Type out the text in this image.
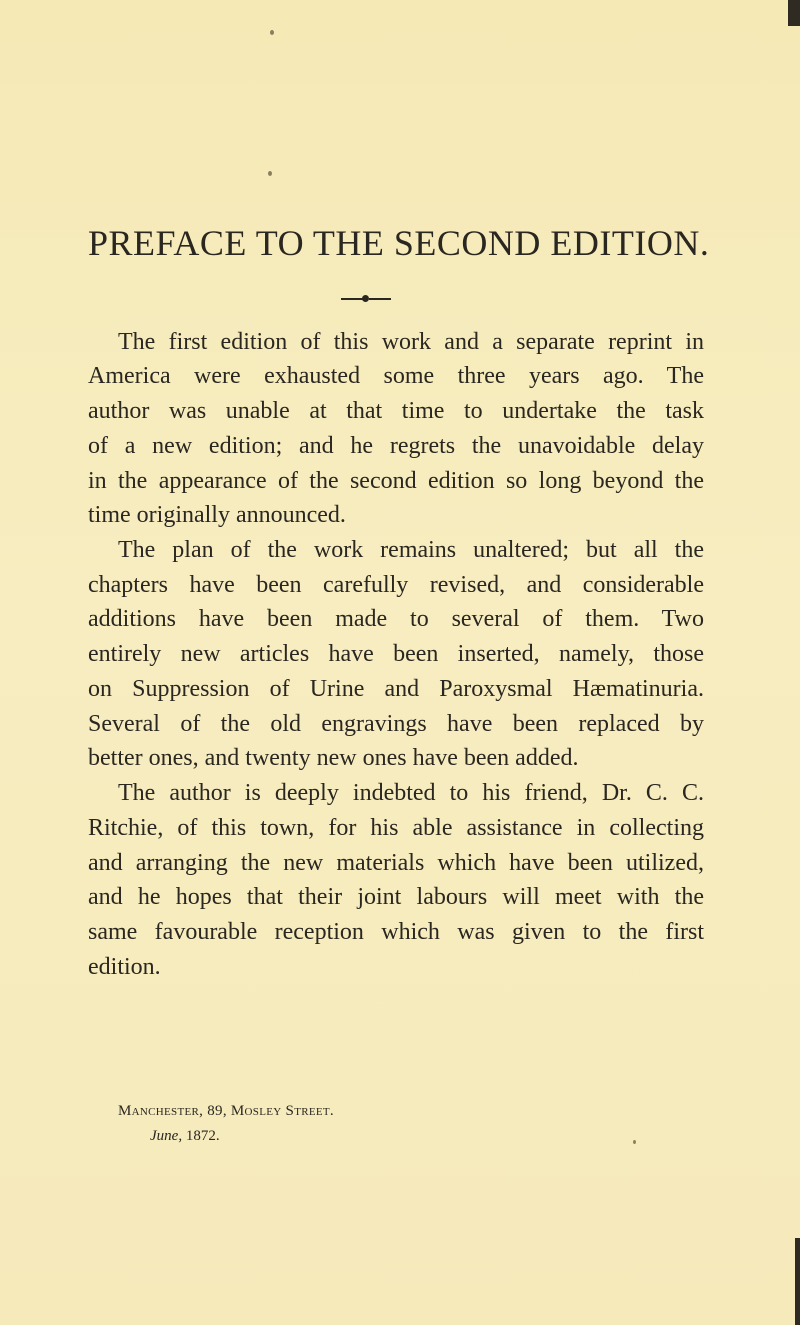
PREFACE TO THE SECOND EDITION.
The first edition of this work and a separate reprint in
America were exhausted some three years ago. The
author was unable at that time to undertake the task
of a new edition; and he regrets the unavoidable delay
in the appearance of the second edition so long beyond the
time originally announced.
The plan of the work remains unaltered; but all the
chapters have been carefully revised, and considerable
additions have been made to several of them. Two
entirely new articles have been inserted, namely, those
on Suppression of Urine and Paroxysmal Hæmatinuria.
Several of the old engravings have been replaced by
better ones, and twenty new ones have been added.
The author is deeply indebted to his friend, Dr. C. C.
Ritchie, of this town, for his able assistance in collecting
and arranging the new materials which have been utilized,
and he hopes that their joint labours will meet with the
same favourable reception which was given to the first
edition.
Manchester, 89, Mosley Street.
June, 1872.
